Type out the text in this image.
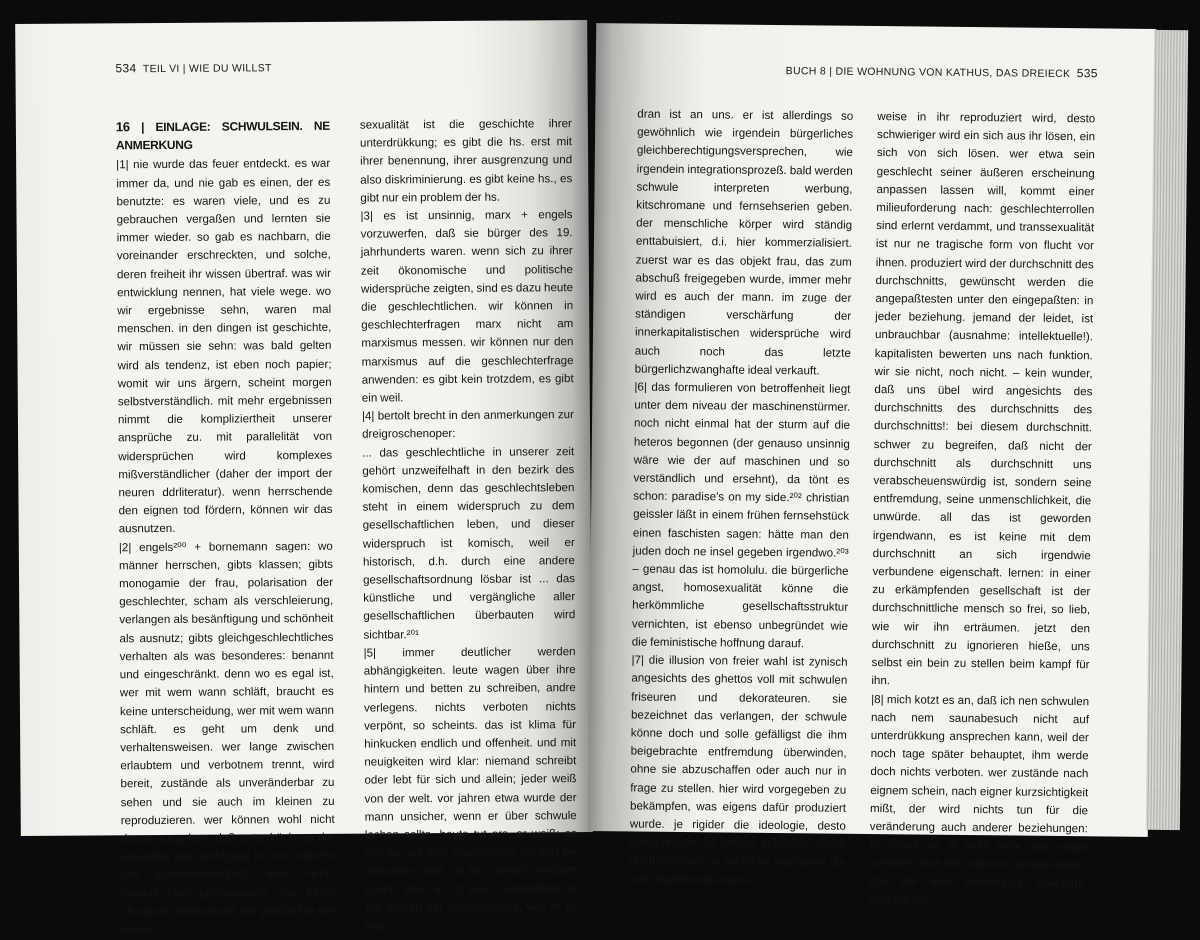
534 TEIL VI | WIE DU WILLST

16 | EINLAGE: SCHWULSEIN. NE ANMERKUNG

|1| nie wurde das feuer entdeckt. es war immer da, und nie gab es einen, der es benutzte: es waren viele, und es zu gebrauchen vergaßen und lernten sie immer wieder. so gab es nachbarn, die voreinander erschreckten, und solche, deren freiheit ihr wissen übertraf. was wir entwicklung nennen, hat viele wege. wo wir ergebnisse sehn, waren mal menschen. in den dingen ist geschichte, wir müssen sie sehn: was bald gelten wird als tendenz, ist eben noch papier; womit wir uns ärgern, scheint morgen selbstverständlich. mit mehr ergebnissen nimmt die kompliziertheit unserer ansprüche zu. mit parallelität von widersprüchen wird komplexes mißverständlicher (daher der import der neuren ddrliteratur). wenn herrschende den eignen tod fördern, können wir das ausnutzen.

|2| engels²⁰⁰ + bornemann sagen: wo männer herrschen, gibts klassen; gibts monogamie der frau, polarisation der geschlechter, scham als verschleierung, verlangen als besänftigung und schönheit als ausnutz; gibts gleichgeschlechtliches verhalten als was besonderes: benannt und eingeschränkt. denn wo es egal ist, wer mit wem wann schläft, braucht es keine unterscheidung, wer mit wem wann schläft. es geht um denk und verhaltensweisen. wer lange zwischen erlaubtem und verbotnem trennt, wird bereit, zustände als unveränderbar zu sehen und sie auch im kleinen zu reproduzieren. wer können wohl nicht davon ausgehen, daß unterdrückung der sexualität das wichtigste ist zum stützen von klassenherrschaft. aber nichts besteht über jahrtausende, das ihrem charakter widerspricht. die geschichte der homo-

sexualität ist die geschichte ihrer unterdrükkung; es gibt die hs. erst mit ihrer benennung, ihrer ausgrenzung und also diskriminierung. es gibt keine hs., es gibt nur ein problem der hs.

|3| es ist unsinnig, marx + engels vorzuwerfen, daß sie bürger des 19. jahrhunderts waren. wenn sich zu ihrer zeit ökonomische und politische widersprüche zeigten, sind es dazu heute die geschlechtlichen. wir können in geschlechterfragen marx nicht am marxismus messen. wir können nur den marxismus auf die geschlechterfrage anwenden: es gibt kein trotzdem, es gibt ein weil.

|4| bertolt brecht in den anmerkungen zur dreigroschenoper:

... das geschlechtliche in unserer zeit gehört unzweifelhaft in den bezirk des komischen, denn das geschlechtsleben steht in einem widerspruch zu dem gesellschaftlichen leben, und dieser widerspruch ist komisch, weil er historisch, d.h. durch eine andere gesellschaftsordnung lösbar ist ... das künstliche und vergängliche aller gesellschaftlichen überbauten wird sichtbar.²⁰¹

|5| immer deutlicher werden abhängigkeiten. leute wagen über ihre hintern und betten zu schreiben, andre verlegens. nichts verboten nichts verpönt, so scheints. das ist klima für hinkucken endlich und offenheit. und mit neuigkeiten wird klar: niemand schreibt oder lebt für sich und allein; jeder weiß von der welt. vor jahren etwa wurde der mann unsicher, wenn er über schwule lachen sollte. heute tut ers. er weiß: es gibt sie, sie sind ungefährlich, ich darf sie ankucken. das ist ein absurd winziger schritt, aber er ist einer. verblüffend ist der prozeß der liberalisierung, weil er so nah

BUCH 8 | DIE WOHNUNG VON KATHUS, DAS DREIECK 535

dran ist an uns. er ist allerdings so gewöhnlich wie irgendein bürgerliches gleichberechtigungsversprechen, wie irgendein integrationsprozeß. bald werden schwule interpreten werbung, kitschromane und fernsehserien geben. der menschliche körper wird ständig enttabuisiert, d.i. hier kommerzialisiert. zuerst war es das objekt frau, das zum abschuß freigegeben wurde, immer mehr wird es auch der mann. im zuge der ständigen verschärfung der innerkapitalistischen widersprüche wird auch noch das letzte bürgerlichzwanghafte ideal verkauft.

|6| das formulieren von betroffenheit liegt unter dem niveau der maschinenstürmer. noch nicht einmal hat der sturm auf die heteros begonnen (der genauso unsinnig wäre wie der auf maschinen und so verständlich und ersehnt), da tönt es schon: paradise's on my side.²⁰² christian geissler läßt in einem frühen fernsehstück einen faschisten sagen: hätte man den juden doch ne insel gegeben irgendwo.²⁰³ – genau das ist homolulu. die bürgerliche angst, homosexualität könne die herkömmliche gesellschaftsstruktur vernichten, ist ebenso unbegründet wie die feministische hoffnung darauf.

|7| die illusion von freier wahl ist zynisch angesichts des ghettos voll mit schwulen friseuren und dekorateuren. sie bezeichnet das verlangen, der schwule könne doch und solle gefälligst die ihm beigebrachte entfremdung überwinden, ohne sie abzuschaffen oder auch nur in frage zu stellen. hier wird vorgegeben zu bekämpfen, was eigens dafür produziert wurde. je rigider die ideologie, desto ausgeprägter ist unsere subkultur, desto ghettomäßiger. je perfekter wiederum die uns umgebende lebens-

weise in ihr reproduziert wird, desto schwieriger wird ein sich aus ihr lösen, ein sich von sich lösen. wer etwa sein geschlecht seiner äußeren erscheinung anpassen lassen will, kommt einer milieuforderung nach: geschlechterrollen sind erlernt verdammt, und transsexualität ist nur ne tragische form von flucht vor ihnen. produziert wird der durchschnitt des durchschnitts, gewünscht werden die angepaßtesten unter den eingepaßten: in jeder beziehung. jemand der leidet, ist unbrauchbar (ausnahme: intellektuelle!). kapitalisten bewerten uns nach funktion. wir sie nicht, noch nicht. – kein wunder, daß uns übel wird angesichts des durchschnitts des durchschnitts des durchschnitts!: bei diesem durchschnitt. schwer zu begreifen, daß nicht der durchschnitt als durchschnitt uns verabscheuenswürdig ist, sondern seine entfremdung, seine unmenschlichkeit, die unwürde. all das ist geworden irgendwann, es ist keine mit dem durchschnitt an sich irgendwie verbundene eigenschaft. lernen: in einer zu erkämpfenden gesellschaft ist der durchschnittliche mensch so frei, so lieb, wie wir ihn erträumen. jetzt den durchschnitt zu ignorieren hieße, uns selbst ein bein zu stellen beim kampf für ihn.

|8| mich kotzt es an, daß ich nen schwulen nach nem saunabesuch nicht auf unterdrükkung ansprechen kann, weil der noch tage später behauptet, ihm werde doch nichts verboten. wer zustände nach eignem schein, nach eigner kurzsichtigkeit mißt, der wird nichts tun für die veränderung auch anderer beziehungen: er nimmt sie ja nicht wahr. das ewige schielen nach den eigenen verletzungen!, das der welt heteroreste übersieht. solange die
